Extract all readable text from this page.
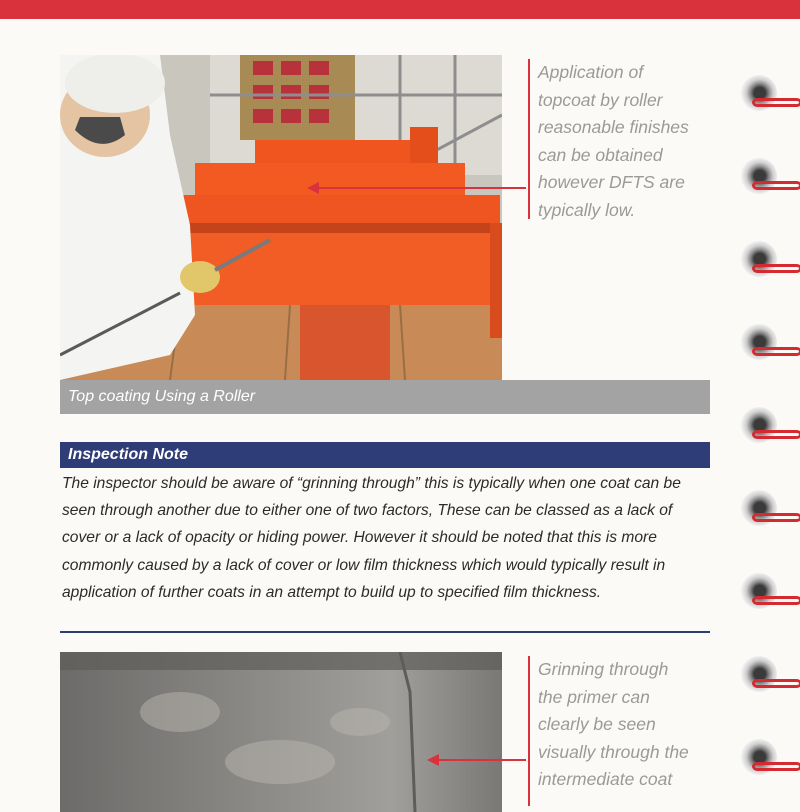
Application of
topcoat by roller
reasonable finishes
can be obtained
however DFTS are
typically low.
Top coating Using a Roller
Inspection Note
The inspector should be aware of “grinning through” this is typically when one coat can be seen through another due to either one of two factors, These can be classed as a lack of cover or a lack of opacity or hiding power. However it should be noted that this is more commonly caused by a lack of cover or low film thickness which would typically result in application of further coats in an attempt to build up to specified film thickness.
Grinning through
the primer can
clearly be seen
visually through the
intermediate coat
